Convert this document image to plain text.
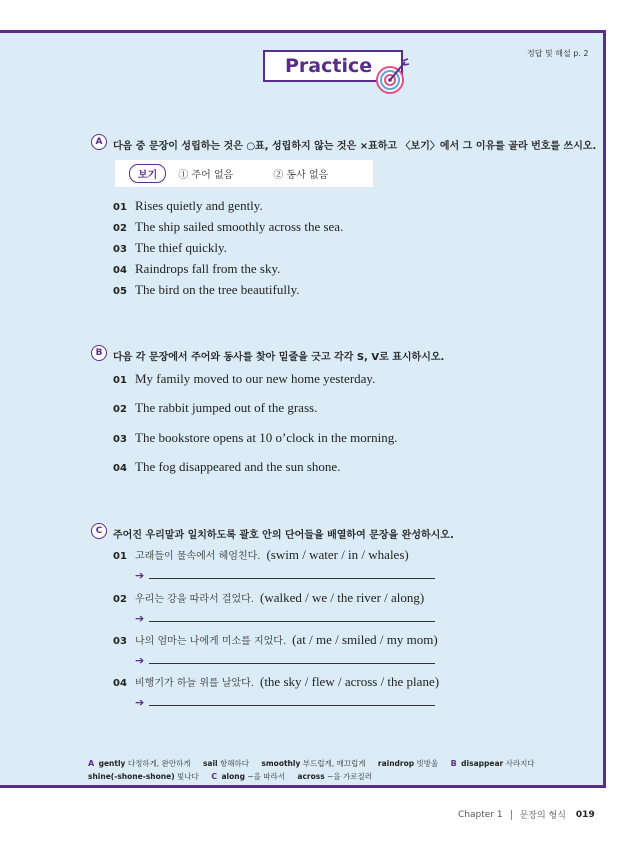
정답 및 해설 p. 2
Practice
A	다음 중 문장이 성립하는 것은 ○표, 성립하지 않는 것은 ×표하고 〈보기〉에서 그 이유를 골라 번호를 쓰시오.
보기	① 주어 없음	② 동사 없음
01 Rises quietly and gently.
02 The ship sailed smoothly across the sea.
03 The thief quickly.
04 Raindrops fall from the sky.
05 The bird on the tree beautifully.
B	다음 각 문장에서 주어와 동사를 찾아 밑줄을 긋고 각각 S, V로 표시하시오.
01 My family moved to our new home yesterday.
02 The rabbit jumped out of the grass.
03 The bookstore opens at 10 o’clock in the morning.
04 The fog disappeared and the sun shone.
C	주어진 우리말과 일치하도록 괄호 안의 단어들을 배열하여 문장을 완성하시오.
01 고래들이 물속에서 헤엄친다. (swim / water / in / whales)
➔
02 우리는 강을 따라서 걸었다. (walked / we / the river / along)
➔
03 나의 엄마는 나에게 미소를 지었다. (at / me / smiled / my mom)
➔
04 비행기가 하늘 위를 날았다. (the sky / flew / across / the plane)
➔
A gently 다정하게, 완만하게 sail 항해하다 smoothly 부드럽게, 매끄럽게 raindrop 빗방울 B disappear 사라지다
shine(-shone-shone) 빛나다 C along ~을 따라서 across ~을 가로질러
Chapter 1 문장의 형식 019
